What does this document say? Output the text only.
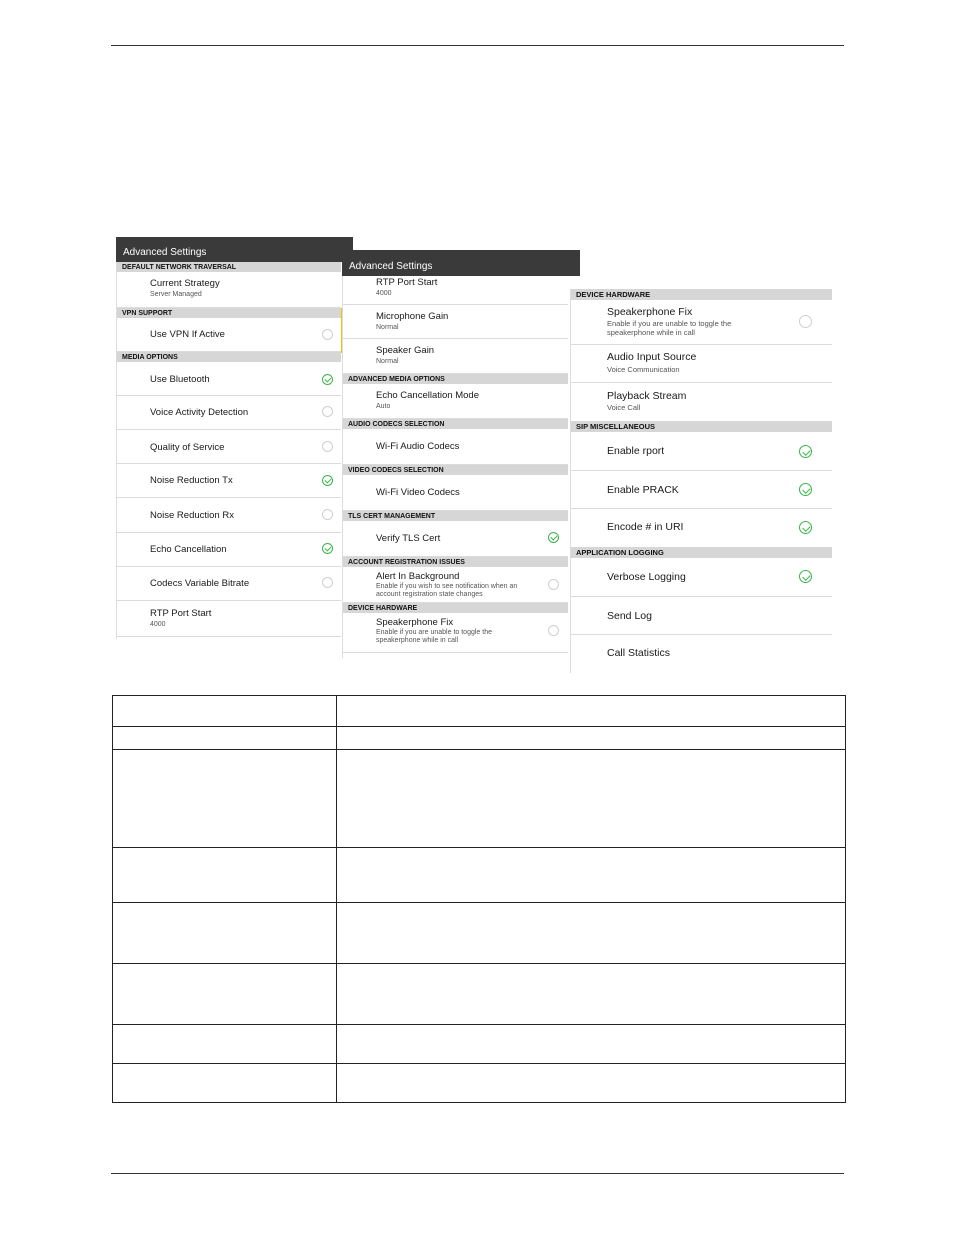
Advanced Settings
DEFAULT NETWORK TRAVERSAL
Current Strategy
Server Managed
VPN SUPPORT
Use VPN If Active
MEDIA OPTIONS
Use Bluetooth
Voice Activity Detection
Quality of Service
Noise Reduction Tx
Noise Reduction Rx
Echo Cancellation
Codecs Variable Bitrate
RTP Port Start
4000
Advanced Settings
RTP Port Start
4000
Microphone Gain
Normal
Speaker Gain
Normal
ADVANCED MEDIA OPTIONS
Echo Cancellation Mode
Auto
AUDIO CODECS SELECTION
Wi-Fi Audio Codecs
VIDEO CODECS SELECTION
Wi-Fi Video Codecs
TLS CERT MANAGEMENT
Verify TLS Cert
ACCOUNT REGISTRATION ISSUES
Alert In Background
Enable if you wish to see notification when an
account registration state changes
DEVICE HARDWARE
Speakerphone Fix
Enable if you are unable to toggle the
speakerphone while in call
DEVICE HARDWARE
Speakerphone Fix
Enable if you are unable to toggle the
speakerphone while in call
Audio Input Source
Voice Communication
Playback Stream
Voice Call
SIP MISCELLANEOUS
Enable rport
Enable PRACK
Encode # in URI
APPLICATION LOGGING
Verbose Logging
Send Log
Call Statistics
